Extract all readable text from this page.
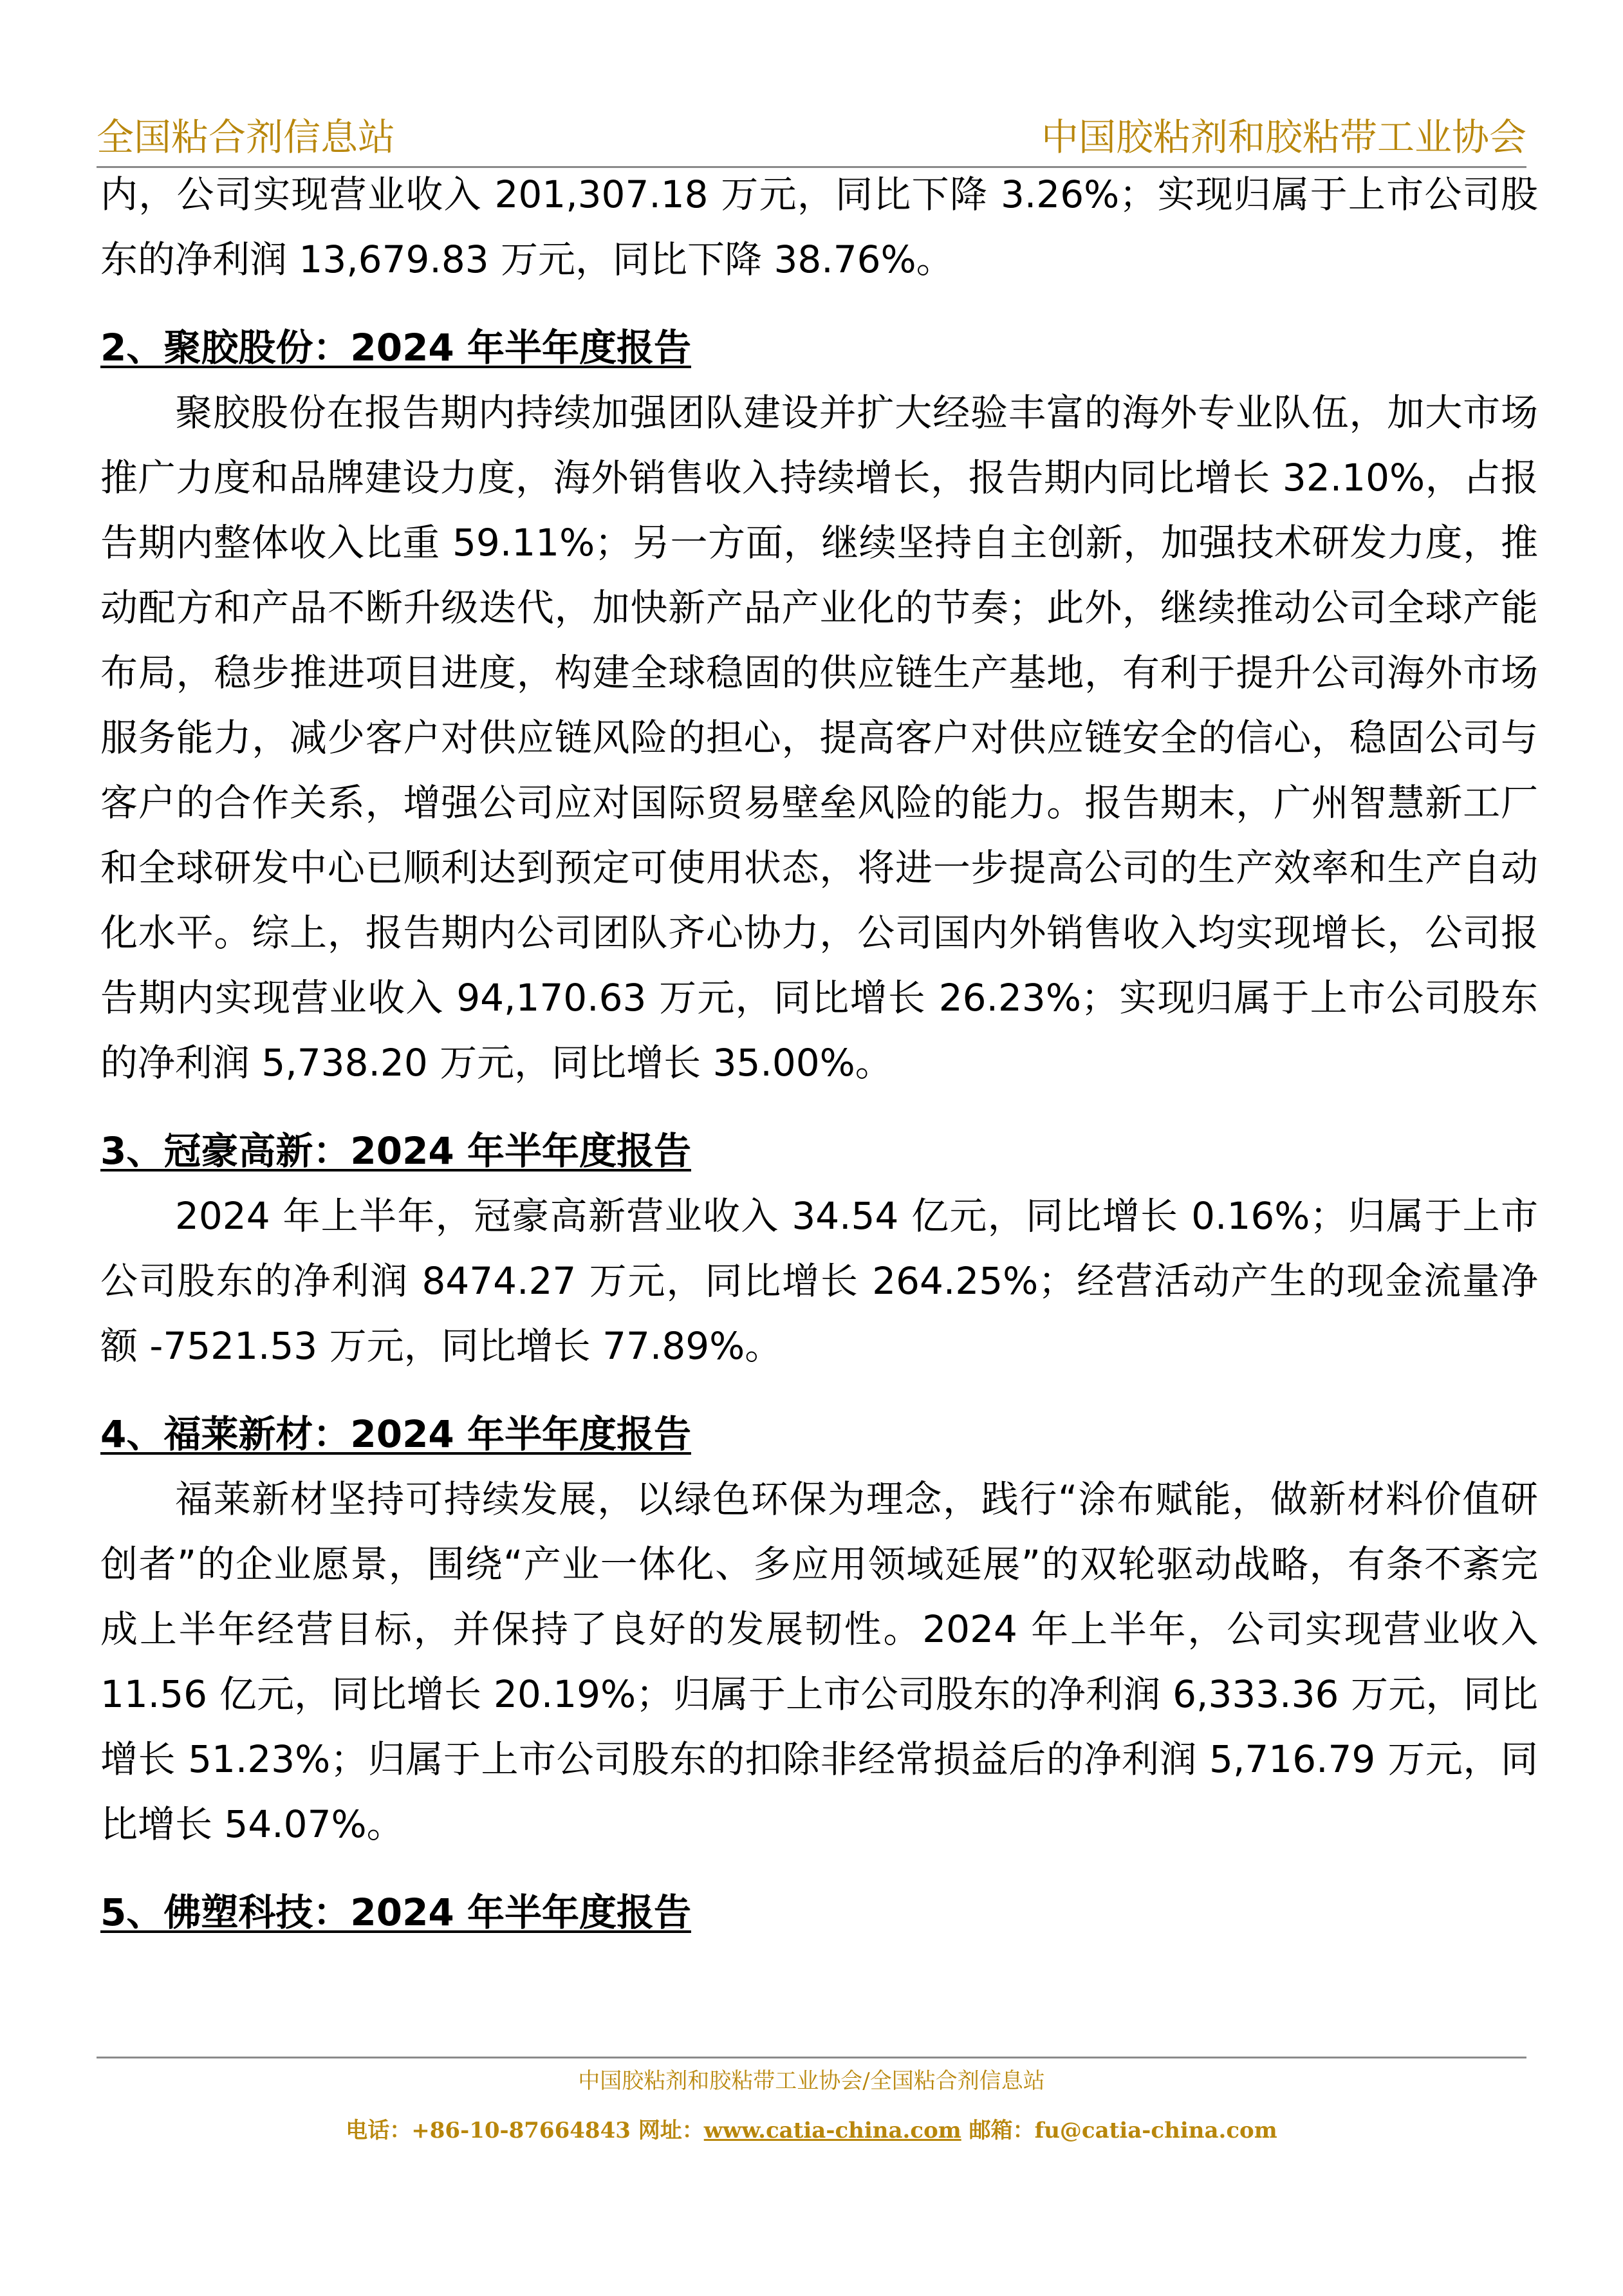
全国粘合剂信息站	中国胶粘剂和胶粘带工业协会

内，公司实现营业收入 201,307.18 万元，同比下降 3.26%；实现归属于上市公司股东的净利润 13,679.83 万元，同比下降 38.76%。

2、聚胶股份：2024 年半年度报告

聚胶股份在报告期内持续加强团队建设并扩大经验丰富的海外专业队伍，加大市场推广力度和品牌建设力度，海外销售收入持续增长，报告期内同比增长 32.10%，占报告期内整体收入比重 59.11%；另一方面，继续坚持自主创新，加强技术研发力度，推动配方和产品不断升级迭代，加快新产品产业化的节奏；此外，继续推动公司全球产能布局，稳步推进项目进度，构建全球稳固的供应链生产基地，有利于提升公司海外市场服务能力，减少客户对供应链风险的担心，提高客户对供应链安全的信心，稳固公司与客户的合作关系，增强公司应对国际贸易壁垒风险的能力。报告期末，广州智慧新工厂和全球研发中心已顺利达到预定可使用状态，将进一步提高公司的生产效率和生产自动化水平。综上，报告期内公司团队齐心协力，公司国内外销售收入均实现增长，公司报告期内实现营业收入 94,170.63 万元，同比增长 26.23%；实现归属于上市公司股东的净利润 5,738.20 万元，同比增长 35.00%。

3、冠豪高新：2024 年半年度报告

2024 年上半年，冠豪高新营业收入 34.54 亿元，同比增长 0.16%；归属于上市公司股东的净利润 8474.27 万元，同比增长 264.25%；经营活动产生的现金流量净额 -7521.53 万元，同比增长 77.89%。

4、福莱新材：2024 年半年度报告

福莱新材坚持可持续发展，以绿色环保为理念，践行“涂布赋能，做新材料价值研创者”的企业愿景，围绕“产业一体化、多应用领域延展”的双轮驱动战略，有条不紊完成上半年经营目标，并保持了良好的发展韧性。2024 年上半年，公司实现营业收入 11.56 亿元，同比增长 20.19%；归属于上市公司股东的净利润 6,333.36 万元，同比增长 51.23%；归属于上市公司股东的扣除非经常损益后的净利润 5,716.79 万元，同比增长 54.07%。

5、佛塑科技：2024 年半年度报告
中国胶粘剂和胶粘带工业协会/全国粘合剂信息站
电话：+86-10-87664843 网址：www.catia-china.com 邮箱：fu@catia-china.com
